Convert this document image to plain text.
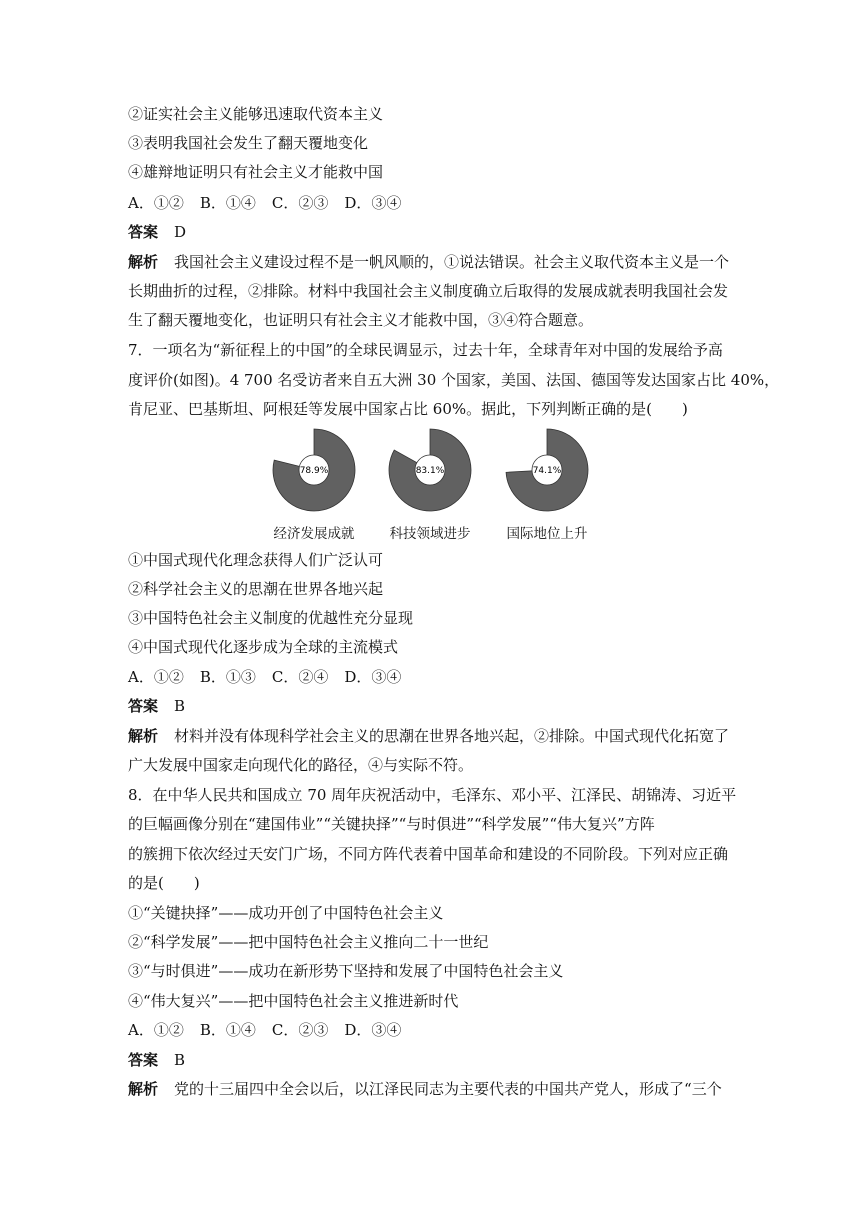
②证实社会主义能够迅速取代资本主义
③表明我国社会发生了翻天覆地变化
④雄辩地证明只有社会主义才能救中国
A．①② B．①④ C．②③ D．③④
答案 D
解析 我国社会主义建设过程不是一帆风顺的，①说法错误。社会主义取代资本主义是一个
长期曲折的过程，②排除。材料中我国社会主义制度确立后取得的发展成就表明我国社会发
生了翻天覆地变化，也证明只有社会主义才能救中国，③④符合题意。
7．一项名为“新征程上的中国”的全球民调显示，过去十年，全球青年对中国的发展给予高
度评价(如图)。4 700 名受访者来自五大洲 30 个国家，美国、法国、德国等发达国家占比 40%，
肯尼亚、巴基斯坦、阿根廷等发展中国家占比 60%。据此，下列判断正确的是(　　)
78.9%
经济发展成就
83.1%
科技领域进步
74.1%
国际地位上升
①中国式现代化理念获得人们广泛认可
②科学社会主义的思潮在世界各地兴起
③中国特色社会主义制度的优越性充分显现
④中国式现代化逐步成为全球的主流模式
A．①② B．①③ C．②④ D．③④
答案 B
解析 材料并没有体现科学社会主义的思潮在世界各地兴起，②排除。中国式现代化拓宽了
广大发展中国家走向现代化的路径，④与实际不符。
8．在中华人民共和国成立 70 周年庆祝活动中，毛泽东、邓小平、江泽民、胡锦涛、习近平
的巨幅画像分别在“建国伟业”“关键抉择”“与时俱进”“科学发展”“伟大复兴”方阵
的簇拥下依次经过天安门广场，不同方阵代表着中国革命和建设的不同阶段。下列对应正确
的是(　　)
①“关键抉择”——成功开创了中国特色社会主义
②“科学发展”——把中国特色社会主义推向二十一世纪
③“与时俱进”——成功在新形势下坚持和发展了中国特色社会主义
④“伟大复兴”——把中国特色社会主义推进新时代
A．①② B．①④ C．②③ D．③④
答案 B
解析 党的十三届四中全会以后，以江泽民同志为主要代表的中国共产党人，形成了“三个
